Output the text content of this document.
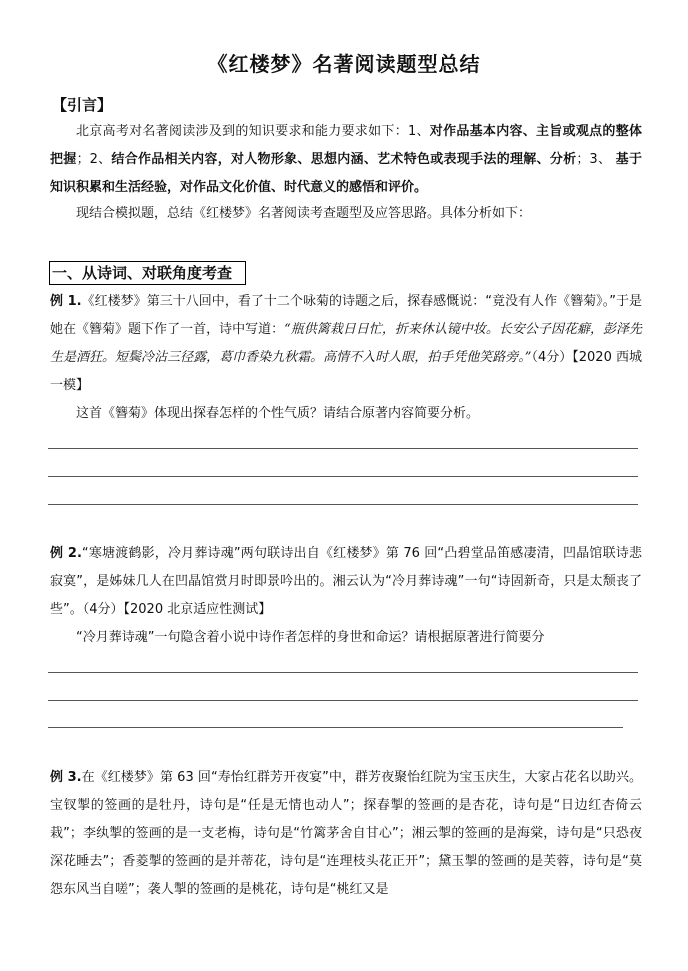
《红楼梦》名著阅读题型总结
【引言】
北京高考对名著阅读涉及到的知识要求和能力要求如下：1、对作品基本内容、主旨或观点的整体把握；2、结合作品相关内容，对人物形象、思想内涵、艺术特色或表现手法的理解、分析；3、 基于知识积累和生活经验，对作品文化价值、时代意义的感悟和评价。
现结合模拟题，总结《红楼梦》名著阅读考查题型及应答思路。具体分析如下：
一、从诗词、对联角度考查
例 1.《红楼梦》第三十八回中，看了十二个咏菊的诗题之后，探春感慨说：“竟没有人作《簪菊》。”于是她在《簪菊》题下作了一首，诗中写道：“瓶供篱栽日日忙，折来休认镜中妆。长安公子因花癖，彭泽先生是酒狂。短鬓冷沾三径露，葛巾香染九秋霜。高情不入时人眼，拍手凭他笑路旁。”（4分）【2020 西城一模】
这首《簪菊》体现出探春怎样的个性气质？请结合原著内容简要分析。
例 2.“寒塘渡鹤影，冷月葬诗魂”两句联诗出自《红楼梦》第 76 回“凸碧堂品笛感凄清，凹晶馆联诗悲寂寞”，是姊妹几人在凹晶馆赏月时即景吟出的。湘云认为“冷月葬诗魂”一句“诗固新奇，只是太颓丧了些”。（4分）【2020 北京适应性测试】
“冷月葬诗魂”一句隐含着小说中诗作者怎样的身世和命运？请根据原著进行简要分
例 3.在《红楼梦》第 63 回“寿怡红群芳开夜宴”中，群芳夜聚怡红院为宝玉庆生，大家占花名以助兴。宝钗掣的签画的是牡丹，诗句是“任是无情也动人”；探春掣的签画的是杏花，诗句是“日边红杏倚云栽”；李纨掣的签画的是一支老梅，诗句是“竹篱茅舍自甘心”；湘云掣的签画的是海棠，诗句是“只恐夜深花睡去”；香菱掣的签画的是并蒂花，诗句是“连理枝头花正开”；黛玉掣的签画的是芙蓉，诗句是“莫怨东风当自嗟”；袭人掣的签画的是桃花，诗句是“桃红又是
